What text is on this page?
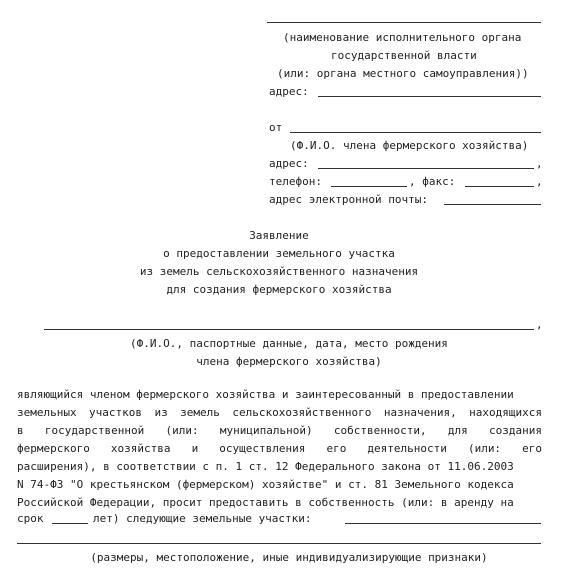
(наименование исполнительного органа
государственной власти
(или: органа местного самоуправления))
адрес:
от
(Ф.И.О. члена фермерского хозяйства)
адрес:	,
телефон:	, факс:	,
адрес электронной почты:
Заявление
о предоставлении земельного участка
из земель сельскохозяйственного назначения
для создания фермерского хозяйства
,
(Ф.И.О., паспортные данные, дата, место рождения
члена фермерского хозяйства)
являющийся членом фермерского хозяйства и заинтересованный в предоставлении
земельных участков из земель сельскохозяйственного назначения, находящихся
в государственной (или: муниципальной) собственности, для создания
фермерского хозяйства и осуществления его деятельности (или: его
расширения), в соответствии с п. 1 ст. 12 Федерального закона от 11.06.2003
N 74-ФЗ "О крестьянском (фермерском) хозяйстве" и ст. 81 Земельного кодекса
Российской Федерации, просит предоставить в собственность (или: в аренду на
срок	лет) следующие земельные участки:
(размеры, местоположение, иные индивидуализирующие признаки)
